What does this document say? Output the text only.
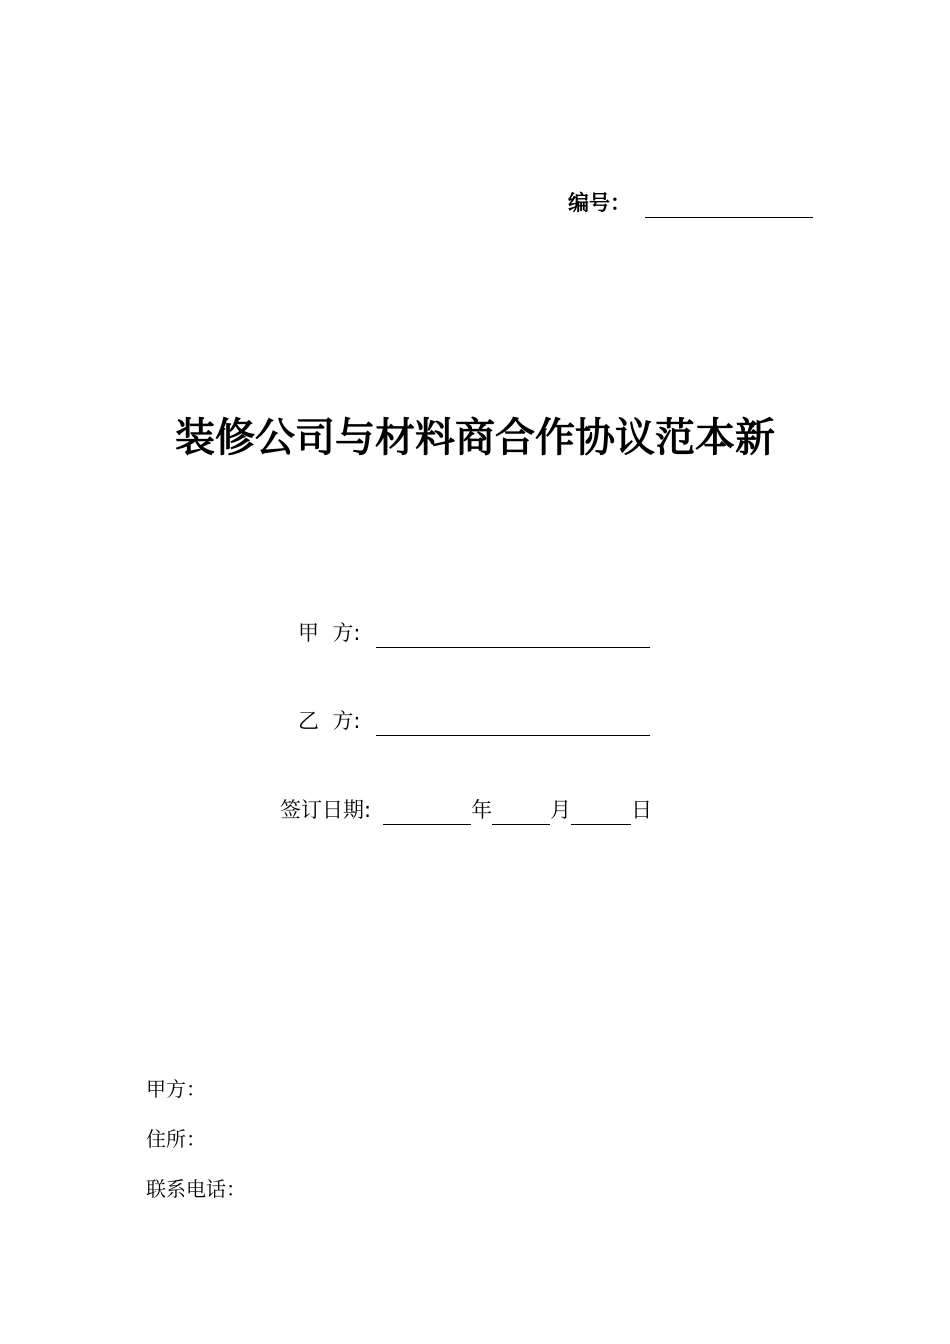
编号：
装修公司与材料商合作协议范本新
甲  方:
乙  方:
签订日期:	年	月	日
甲方：
住所：
联系电话：
